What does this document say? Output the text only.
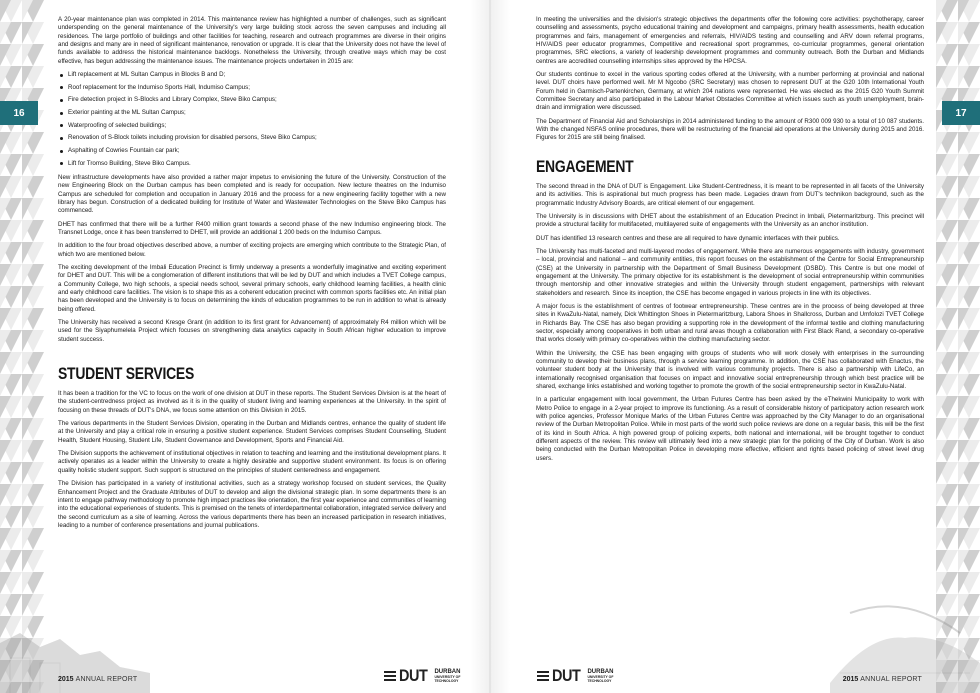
16	17

A 20-year maintenance plan was completed in 2014. This maintenance review has highlighted a number of challenges, such as significant underspending on the general maintenance of the University's very large building stock across the seven campuses and including all residences. The large portfolio of buildings and other facilities for teaching, research and outreach programmes are diverse in their origins and designs and many are in need of significant maintenance, renovation or upgrade. It is clear that the University does not have the level of funds available to address the historical maintenance backlogs. Nonetheless the University, through creative ways which may be cost effective, has begun addressing the maintenance issues. The maintenance projects undertaken in 2015 are:

Lift replacement at ML Sultan Campus in Blocks B and D;
Roof replacement for the Indumiso Sports Hall, Indumiso Campus;
Fire detection project in S-Blocks and Library Complex, Steve Biko Campus;
Exterior painting at the ML Sultan Campus;
Waterproofing of selected buildings;
Renovation of S-Block toilets including provision for disabled persons, Steve Biko Campus;
Asphalting of Cowries Fountain car park;
Lift for Tromso Building, Steve Biko Campus.

New infrastructure developments have also provided a rather major impetus to envisioning the future of the University. Construction of the new Engineering Block on the Durban campus has been completed and is ready for occupation. New lecture theatres on the Indumiso Campus are scheduled for completion and occupation in January 2016 and the process for a new engineering facility together with a new library has begun. Construction of a dedicated building for Institute of Water and Wastewater Technologies on the Steve Biko Campus has commenced.

DHET has confirmed that there will be a further R400 million grant towards a second phase of the new Indumiso engineering block. The Transnet Lodge, once it has been transferred to DHET, will provide an additional 1 200 beds on the Indumiso Campus.

In addition to the four broad objectives described above, a number of exciting projects are emerging which contribute to the Strategic Plan, of which two are mentioned below.

The exciting development of the Imbali Education Precinct is firmly underway a presents a wonderfully imaginative and exciting experiment for DHET and DUT. This will be a conglomeration of different institutions that will be led by DUT and which includes a TVET College campus, a Community College, two high schools, a special needs school, several primary schools, early childhood learning facilities, a health clinic and early childhood care facilities. The vision is to shape this as a coherent education precinct with common sports facilities etc. An initial plan has been developed and the University is to focus on determining the kinds of education programmes to be run in addition to what is already being offered.

The University has received a second Kresge Grant (in addition to its first grant for Advancement) of approximately R4 million which will be used for the Siyaphumelela Project which focuses on strengthening data analytics capacity in South African higher education to improve student success.

STUDENT SERVICES

It has been a tradition for the VC to focus on the work of one division at DUT in these reports. The Student Services Division is at the heart of the student-centredness project as involved as it is in the quality of student living and learning experiences at the University. In the spirit of focusing on these threads of DUT's DNA, we focus some attention on this Division in 2015.

The various departments in the Student Services Division, operating in the Durban and Midlands centres, enhance the quality of student life at the University and play a critical role in ensuring a positive student experience. Student Services comprises Student Counselling, Student Health, Student Housing, Student Life, Student Governance and Development, Sports and Financial Aid.

The Division supports the achievement of institutional objectives in relation to teaching and learning and the institutional development plans. It actively operates as a leader within the University to create a highly desirable and supportive student environment. Its focus is on offering quality holistic student support. Such support is structured on the principles of student centeredness and engagement.

The Division has participated in a variety of institutional activities, such as a strategy workshop focused on student services, the Quality Enhancement Project and the Graduate Attributes of DUT to develop and align the divisional strategic plan. In some departments there is an intent to engage pathway methodology to promote high impact practices like orientation, the first year experience and communities of learning into the educational experiences of students. This is premised on the tenets of interdepartmental collaboration, integrated service delivery and the second curriculum as a site of learning. Across the various departments there has been an increased participation in research initiatives, leading to a number of conference presentations and journal publications.

In meeting the universities and the division's strategic objectives the departments offer the following core activities: psychotherapy, career counselling and assessments, psycho educational training and development and campaigns, primary health assessments, health education programmes and fairs, management of emergencies and referrals, HIV/AIDS testing and counselling and ARV down referral programs, HIV/AIDS peer educator programmes, Competitive and recreational sport programmes, co-curricular programmes, general orientation programmes, SRC elections, a variety of leadership development programmes and community outreach. Both the Durban and Midlands centres are accredited counselling internships sites approved by the HPCSA.

Our students continue to excel in the various sporting codes offered at the University, with a number performing at provincial and national level. DUT choirs have performed well. Mr M Ngcobo (SRC Secretary) was chosen to represent DUT at the G20 10th International Youth Forum held in Garmisch-Partenkirchen, Germany, at which 204 nations were represented. He was elected as the 2015 G20 Youth Summit Committee Secretary and also participated in the Labour Market Obstacles Committee at which issues such as youth unemployment, brain-drain and immigration were discussed.

The Department of Financial Aid and Scholarships in 2014 administered funding to the amount of R300 009 930 to a total of 10 087 students. With the changed NSFAS online procedures, there will be restructuring of the financial aid operations at the University during 2015 and 2016. Figures for 2015 are still being finalised.

ENGAGEMENT

The second thread in the DNA of DUT is Engagement. Like Student-Centredness, it is meant to be represented in all facets of the University and its activities. This is aspirational but much progress has been made. Legacies drawn from DUT's technikon background, such as the programmatic Industry Advisory Boards, are critical element of our engagement.

The University is in discussions with DHET about the establishment of an Education Precinct in Imbali, Pietermaritzburg. This precinct will provide a structural facility for multifaceted, multilayered suite of engagements with the University as an anchor institution.

DUT has identified 13 research centres and these are all required to have dynamic interfaces with their publics.

The University has multi-faceted and multi-layered modes of engagement. While there are numerous engagements with industry, government – local, provincial and national – and community entities, this report focuses on the establishment of the Centre for Social Entrepreneurship (CSE) at the University in partnership with the Department of Small Business Development (DSBD). This Centre is but one model of engagement at the University. The primary objective for its establishment is the development of social entrepreneurship within communities through mentorship and other innovative strategies and within the University through student engagement, partnerships with relevant stakeholders and research. Since its inception, the CSE has become engaged in various projects in line with its objectives.

A major focus is the establishment of centres of footwear entrepreneurship. These centres are in the process of being developed at three sites in KwaZulu-Natal, namely, Dick Whittington Shoes in Pietermaritzburg, Labora Shoes in Shallcross, Durban and Umfolozi TVET College in Richards Bay. The CSE has also began providing a supporting role in the development of the informal textile and clothing manufacturing sector, especially among cooperatives in both urban and rural areas though a collaboration with First Black Rand, a secondary co-operative that works closely with primary co-operatives within the clothing manufacturing sector.

Within the University, the CSE has been engaging with groups of students who will work closely with enterprises in the surrounding community to develop their business plans, through a service learning programme. In addition, the CSE has collaborated with Enactus, the volunteer student body at the University that is involved with various community projects. There is also a partnership with LifeCo, an internationally recognised organisation that focuses on impact and innovative social entrepreneurship through which best practice will be shared, exchange links established and working together to promote the growth of the social entrepreneurship sector in KwaZulu-Natal.

In a particular engagement with local government, the Urban Futures Centre has been asked by the eThekwini Municipality to work with Metro Police to engage in a 2-year project to improve its functioning. As a result of considerable history of participatory action research work with police agencies, Professor Monique Marks of the Urban Futures Centre was approached by the City Manager to do an organisational review of the Durban Metropolitan Police. While in most parts of the world such police reviews are done on a regular basis, this will be the first of its kind in South Africa. A high powered group of policing experts, both national and international, will be brought together to conduct different aspects of the review. This review will ultimately feed into a new strategic plan for the policing of the City of Durban. Work is also being conducted with the Durban Metropolitan Police in developing more effective, efficient and rights based policing of street level drug users.

2015 ANNUAL REPORT	2015 ANNUAL REPORT
DUT DURBAN
UNIVERSITY OF
TECHNOLOGY	DUT DURBAN
UNIVERSITY OF
TECHNOLOGY
